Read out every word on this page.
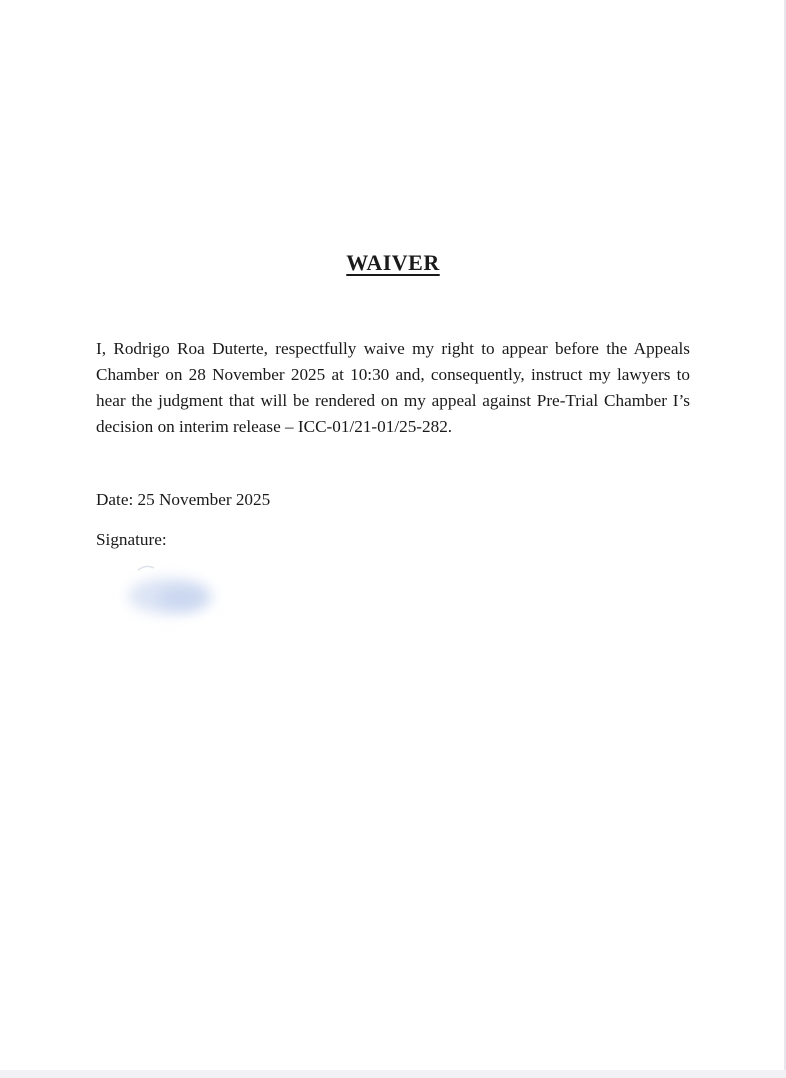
WAIVER
I, Rodrigo Roa Duterte, respectfully waive my right to appear before the Appeals Chamber on 28 November 2025 at 10:30 and, consequently, instruct my lawyers to hear the judgment that will be rendered on my appeal against Pre-Trial Chamber I’s decision on interim release – ICC-01/21-01/25-282.
Date: 25 November 2025
Signature:
